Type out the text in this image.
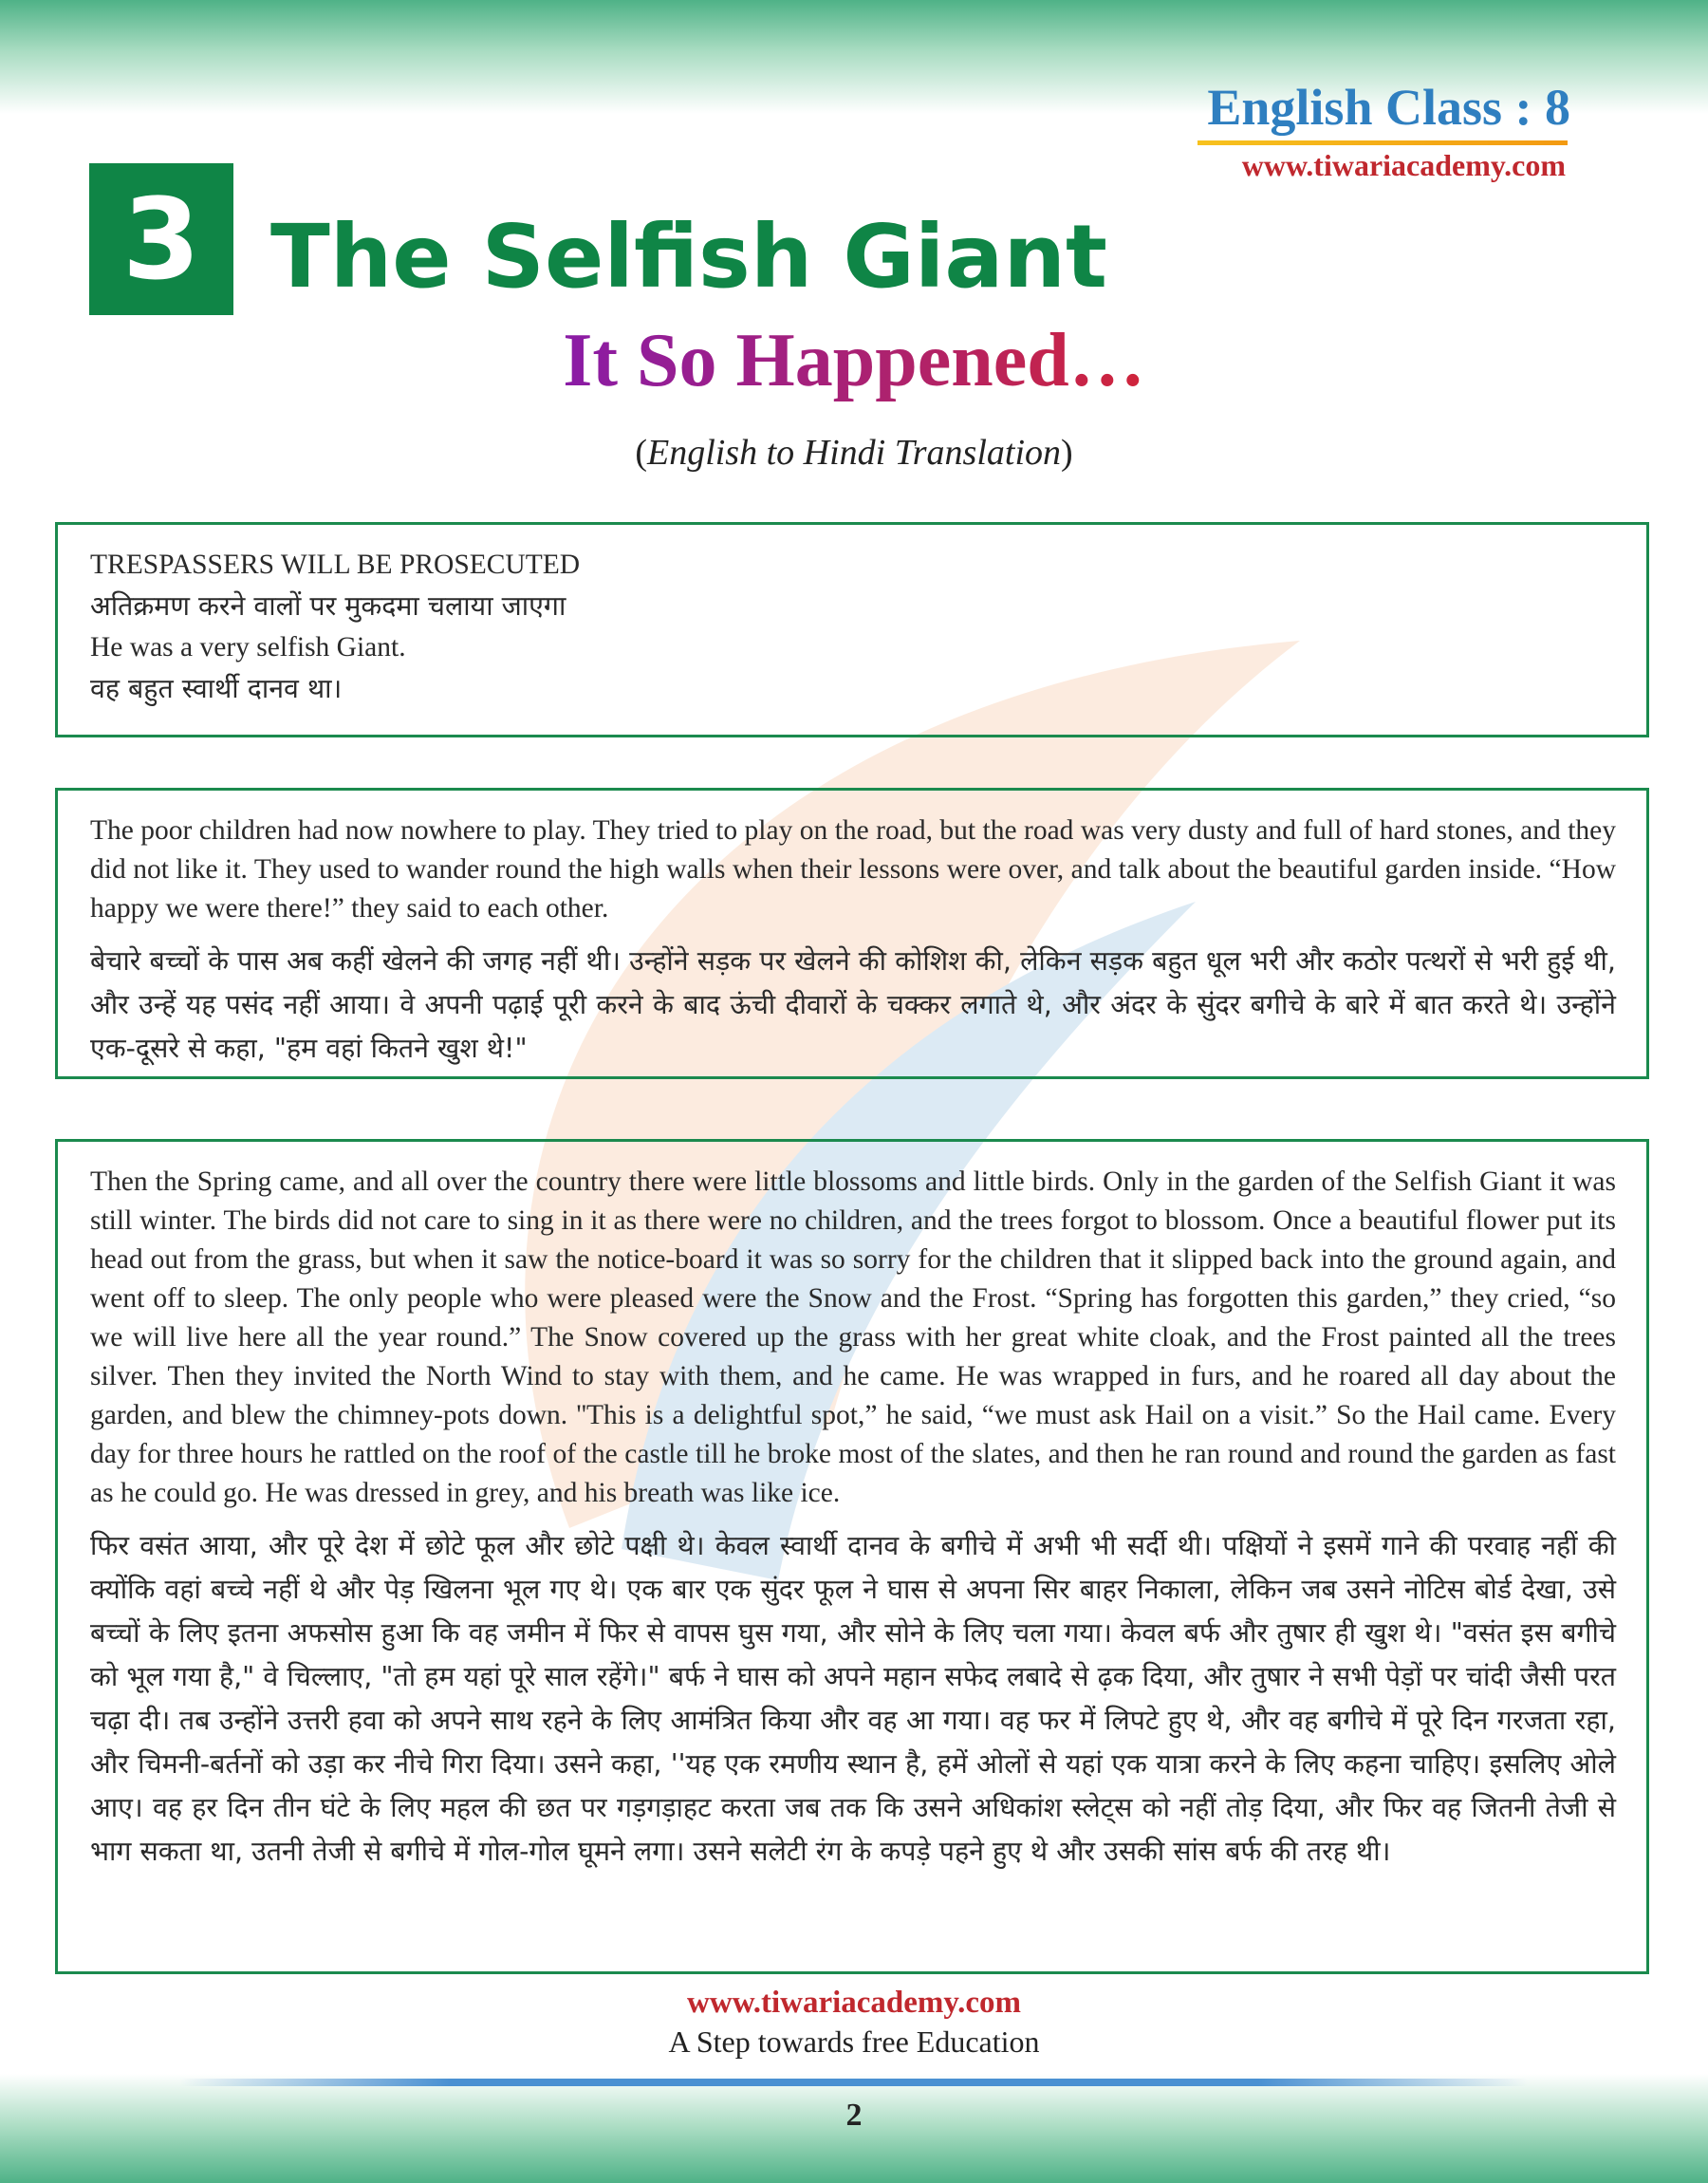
English Class : 8
www.tiwariacademy.com
3 The Selfish Giant
It So Happened…
(English to Hindi Translation)

TRESPASSERS WILL BE PROSECUTED

अतिक्रमण करने वालों पर मुकदमा चलाया जाएगा

He was a very selfish Giant.

वह बहुत स्वार्थी दानव था।

The poor children had now nowhere to play. They tried to play on the road, but the road was very dusty and full of hard stones, and they did not like it. They used to wander round the high walls when their lessons were over, and talk about the beautiful garden inside. “How happy we were there!” they said to each other.

बेचारे बच्चों के पास अब कहीं खेलने की जगह नहीं थी। उन्होंने सड़क पर खेलने की कोशिश की, लेकिन सड़क बहुत धूल भरी और कठोर पत्थरों से भरी हुई थी, और उन्हें यह पसंद नहीं आया। वे अपनी पढ़ाई पूरी करने के बाद ऊंची दीवारों के चक्कर लगाते थे, और अंदर के सुंदर बगीचे के बारे में बात करते थे। उन्होंने एक-दूसरे से कहा, "हम वहां कितने खुश थे!"

Then the Spring came, and all over the country there were little blossoms and little birds. Only in the garden of the Selfish Giant it was still winter. The birds did not care to sing in it as there were no children, and the trees forgot to blossom. Once a beautiful flower put its head out from the grass, but when it saw the notice-board it was so sorry for the children that it slipped back into the ground again, and went off to sleep. The only people who were pleased were the Snow and the Frost. “Spring has forgotten this garden,” they cried, “so we will live here all the year round.” The Snow covered up the grass with her great white cloak, and the Frost painted all the trees silver. Then they invited the North Wind to stay with them, and he came. He was wrapped in furs, and he roared all day about the garden, and blew the chimney-pots down. ''This is a delightful spot,” he said, “we must ask Hail on a visit.” So the Hail came. Every day for three hours he rattled on the roof of the castle till he broke most of the slates, and then he ran round and round the garden as fast as he could go. He was dressed in grey, and his breath was like ice.

फिर वसंत आया, और पूरे देश में छोटे फूल और छोटे पक्षी थे। केवल स्वार्थी दानव के बगीचे में अभी भी सर्दी थी। पक्षियों ने इसमें गाने की परवाह नहीं की क्योंकि वहां बच्चे नहीं थे और पेड़ खिलना भूल गए थे। एक बार एक सुंदर फूल ने घास से अपना सिर बाहर निकाला, लेकिन जब उसने नोटिस बोर्ड देखा, उसे बच्चों के लिए इतना अफसोस हुआ कि वह जमीन में फिर से वापस घुस गया, और सोने के लिए चला गया। केवल बर्फ और तुषार ही खुश थे। "वसंत इस बगीचे को भूल गया है," वे चिल्लाए, "तो हम यहां पूरे साल रहेंगे।" बर्फ ने घास को अपने महान सफेद लबादे से ढ़क दिया, और तुषार ने सभी पेड़ों पर चांदी जैसी परत चढ़ा दी। तब उन्होंने उत्तरी हवा को अपने साथ रहने के लिए आमंत्रित किया और वह आ गया। वह फर में लिपटे हुए थे, और वह बगीचे में पूरे दिन गरजता रहा, और चिमनी-बर्तनों को उड़ा कर नीचे गिरा दिया। उसने कहा, ''यह एक रमणीय स्थान है, हमें ओलों से यहां एक यात्रा करने के लिए कहना चाहिए। इसलिए ओले आए। वह हर दिन तीन घंटे के लिए महल की छत पर गड़गड़ाहट करता जब तक कि उसने अधिकांश स्लेट्स को नहीं तोड़ दिया, और फिर वह जितनी तेजी से भाग सकता था, उतनी तेजी से बगीचे में गोल-गोल घूमने लगा। उसने सलेटी रंग के कपड़े पहने हुए थे और उसकी सांस बर्फ की तरह थी।

www.tiwariacademy.com
A Step towards free Education
2
